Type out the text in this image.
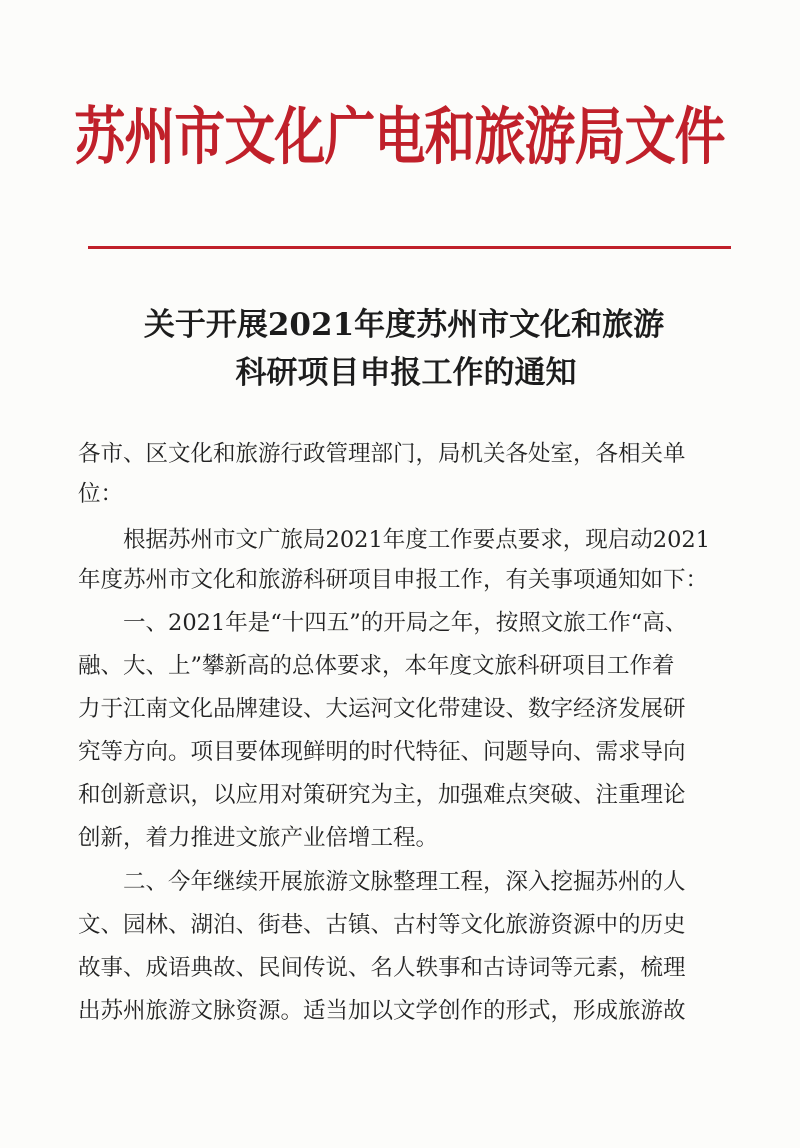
苏州市文化广电和旅游局文件
关于开展2021年度苏州市文化和旅游
科研项目申报工作的通知
各市、区文化和旅游行政管理部门，局机关各处室，各相关单
位：
根据苏州市文广旅局2021年度工作要点要求，现启动2021
年度苏州市文化和旅游科研项目申报工作，有关事项通知如下：
一、2021年是“十四五”的开局之年，按照文旅工作“高、
融、大、上”攀新高的总体要求，本年度文旅科研项目工作着
力于江南文化品牌建设、大运河文化带建设、数字经济发展研
究等方向。项目要体现鲜明的时代特征、问题导向、需求导向
和创新意识，以应用对策研究为主，加强难点突破、注重理论
创新，着力推进文旅产业倍增工程。
二、今年继续开展旅游文脉整理工程，深入挖掘苏州的人
文、园林、湖泊、街巷、古镇、古村等文化旅游资源中的历史
故事、成语典故、民间传说、名人轶事和古诗词等元素，梳理
出苏州旅游文脉资源。适当加以文学创作的形式，形成旅游故
